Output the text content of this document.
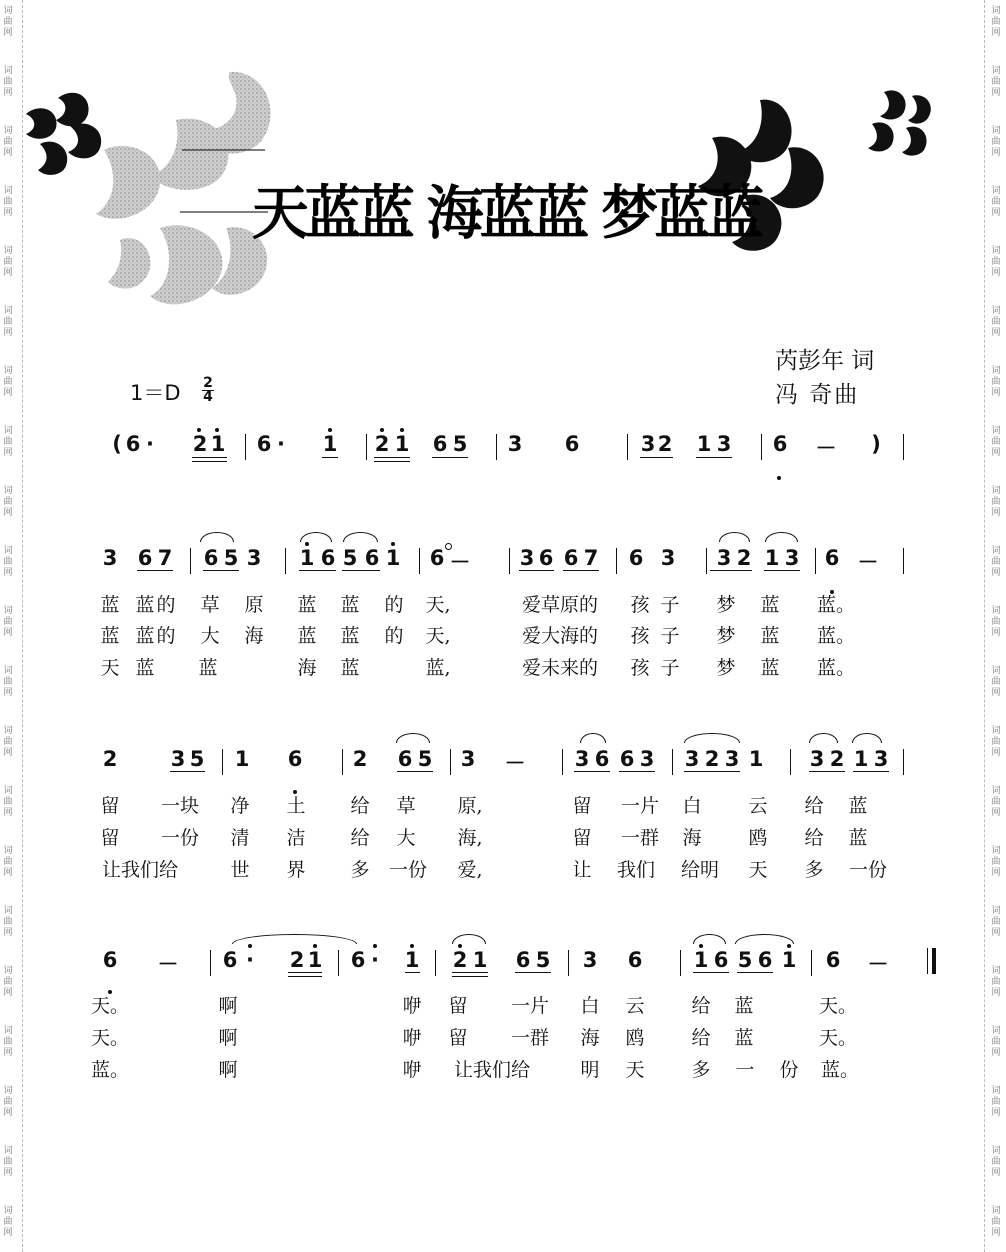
词
曲
网
词
曲
网
词
曲
网
词
曲
网
词
曲
网
词
曲
网
词
曲
网
词
曲
网
词
曲
网
词
曲
网
词
曲
网
词
曲
网
词
曲
网
词
曲
网
词
曲
网
词
曲
网
词
曲
网
词
曲
网
词
曲
网
词
曲
网
词
曲
网
词
曲
网
词
曲
网
词
曲
网
词
曲
网
词
曲
网
词
曲
网
词
曲
网
词
曲
网
词
曲
网
词
曲
网
词
曲
网
词
曲
网
词
曲
网
词
曲
网
词
曲
网
词
曲
网
词
曲
网
词
曲
网
词
曲
网
词
曲
网
词
曲
网
天蓝蓝 海蓝蓝 梦蓝蓝
芮彭年 词
冯 奇曲
1＝D 2
4
( 6 · 2 1 6 · 1 2 1 6 5 3 6	3 2 1 3 6 － )
3 6 7 6 5 3 1 6 5 6 1 6 － 3 6 6 7 6 3 3 2 1 3 6 －
2	3 5 1 6 2 6 5 3 － 3 6 6 3 3 2 3 1 3 2 1 3
6 － 6 · 2 1 6 · 1 2 1 6 5 3 6 1 6 5 6 1 6 －
蓝 蓝 的 草 原 蓝 蓝 的 天,	爱草原的 孩 子 梦 蓝 蓝。
蓝 蓝 的 大 海 蓝 蓝 的 天,	爱大海的 孩 子 梦 蓝 蓝。
天 蓝 蓝	海 蓝	蓝,	爱未来的 孩 子 梦 蓝 蓝。
留 一块 净 土 给 草 原,	留 一片 白 云 给 蓝
留 一份 清 洁 给 大 海,	留 一群 海 鸥 给 蓝
让我们给	世 界 多 一份 爱,	让 我们 给明 天 多 一份
天。	啊	咿 留 一片 白 云 给 蓝	天。
天。	啊	咿 留 一群 海 鸥 给 蓝	天。
蓝。	啊	咿 让我们给	明 天 多 一 份 蓝。
